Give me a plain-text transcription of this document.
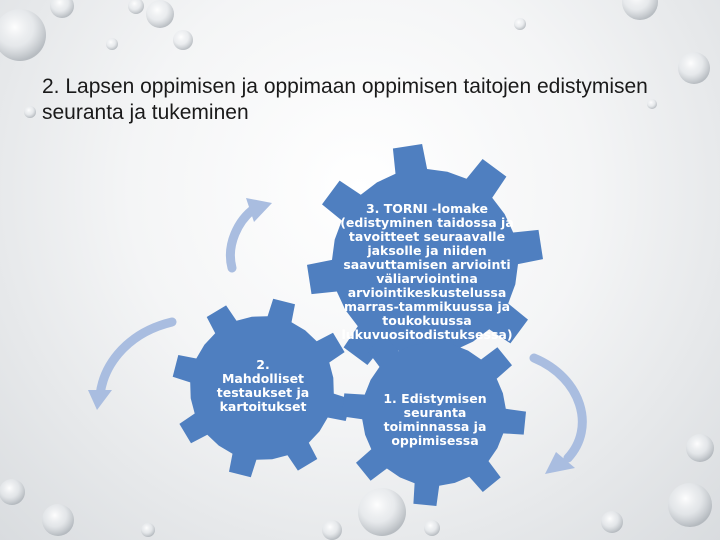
2. Lapsen oppimisen ja oppimaan oppimisen taitojen edistymisen seuranta ja tukeminen
3. TORNI -lomake
(edistyminen taidossa ja
tavoitteet seuraavalle
jaksolle ja niiden
saavuttamisen arviointi
väliarviointina
arviointikeskustelussa
marras-tammikuussa ja
toukokuussa
lukuvuositodistuksessa)
2.
Mahdolliset
testaukset ja
kartoitukset
1. Edistymisen
seuranta
toiminnassa ja
oppimisessa
